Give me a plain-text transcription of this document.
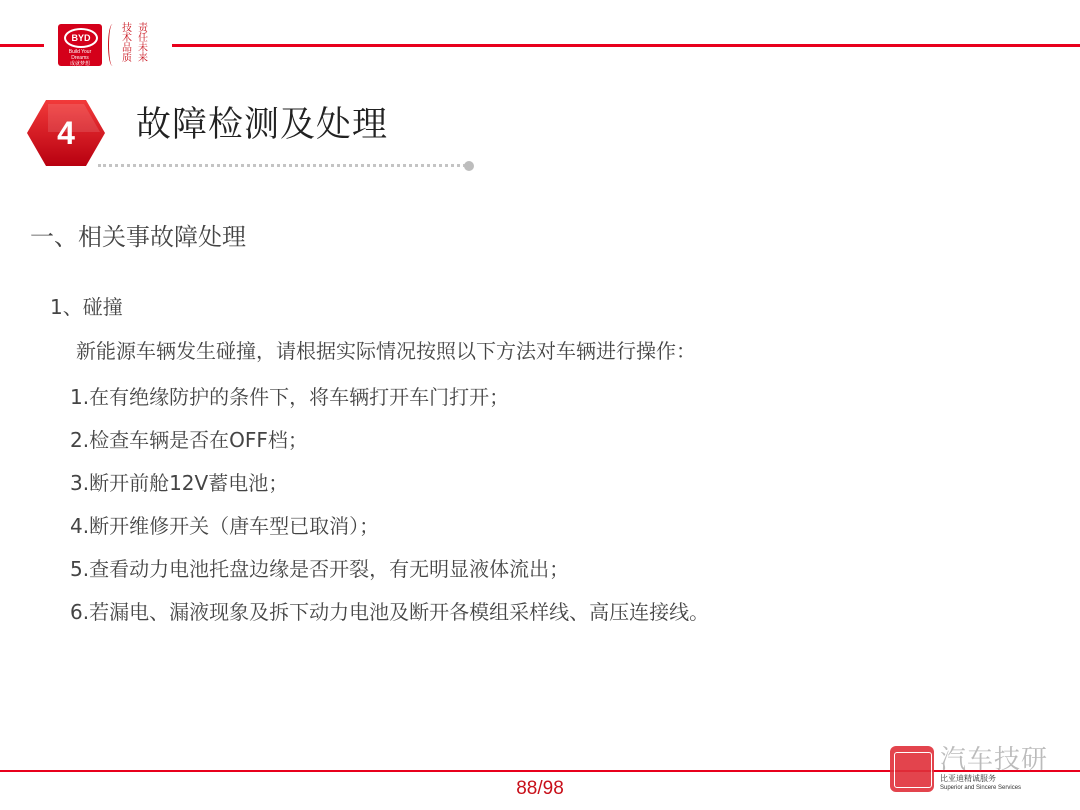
BYD
Build Your Dreams
成就梦想
技
术
品
质
责
任
未
来
4	故障检测及处理
一、相关事故障处理
1、碰撞
新能源车辆发生碰撞，请根据实际情况按照以下方法对车辆进行操作：
1.在有绝缘防护的条件下，将车辆打开车门打开；
2.检查车辆是否在OFF档；
3.断开前舱12V蓄电池；
4.断开维修开关（唐车型已取消）；
5.查看动力电池托盘边缘是否开裂，有无明显液体流出；
6.若漏电、漏液现象及拆下动力电池及断开各模组采样线、高压连接线。
88/98
汽车技研
比亚迪精诚服务
Superior and Sincere Services
